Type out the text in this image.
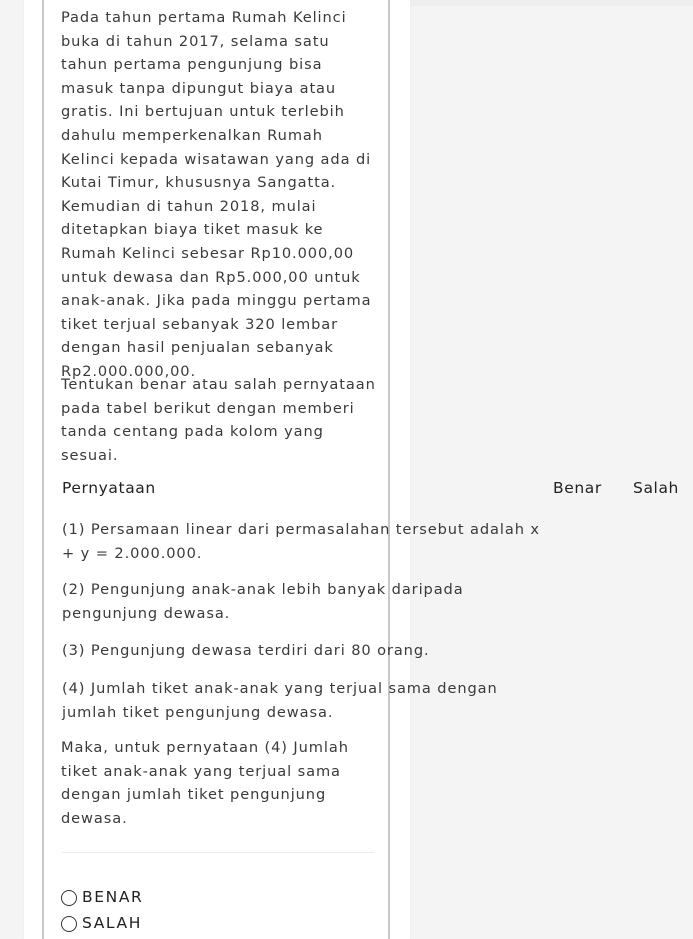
Pada tahun pertama Rumah Kelinci buka di tahun 2017, selama satu tahun pertama pengunjung bisa masuk tanpa dipungut biaya atau gratis. Ini bertujuan untuk terlebih dahulu memperkenalkan Rumah Kelinci kepada wisatawan yang ada di Kutai Timur, khususnya Sangatta. Kemudian di tahun 2018, mulai ditetapkan biaya tiket masuk ke Rumah Kelinci sebesar Rp10.000,00 untuk dewasa dan Rp5.000,00 untuk anak-anak. Jika pada minggu pertama tiket terjual sebanyak 320 lembar dengan hasil penjualan sebanyak Rp2.000.000,00.

Tentukan benar atau salah pernyataan pada tabel berikut dengan memberi tanda centang pada kolom yang sesuai.

Pernyataan	Benar Salah
(1) Persamaan linear dari permasalahan tersebut adalah x + y = 2.000.000.
(2) Pengunjung anak-anak lebih banyak daripada pengunjung dewasa.
(3) Pengunjung dewasa terdiri dari 80 orang.
(4) Jumlah tiket anak-anak yang terjual sama dengan jumlah tiket pengunjung dewasa.

Maka, untuk pernyataan (4) Jumlah tiket anak-anak yang terjual sama dengan jumlah tiket pengunjung dewasa.

BENAR
SALAH
